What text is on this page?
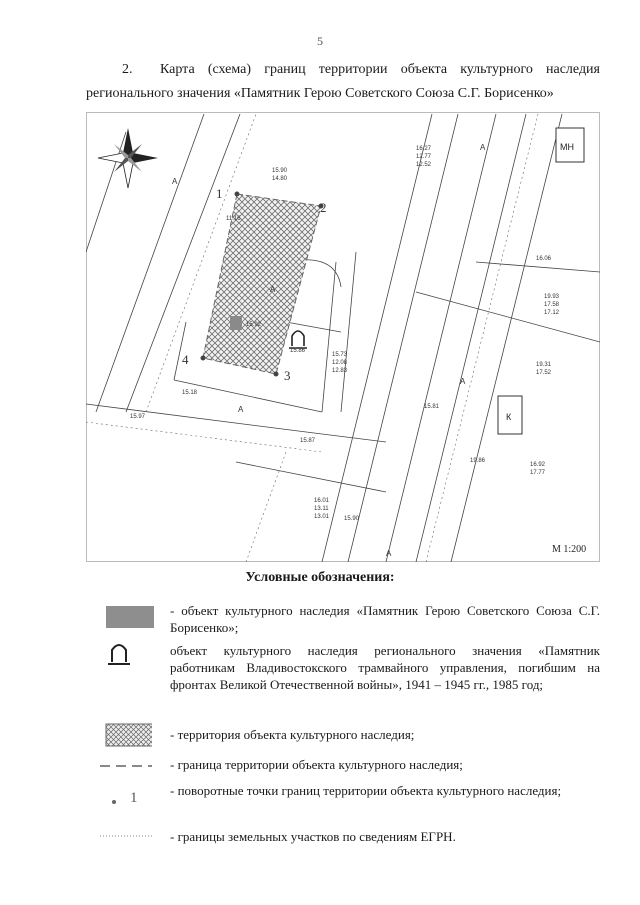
5
2. Карта (схема) границ территории объекта культурного наследия регионального значения «Памятник Герою Советского Союза С.Г. Борисенко»
МН
К
1
2
3
4
А
А
А
А
А
А
15.90
14.80
11.16
15.92
15.86
15.73
12.08
12.83
15.18
15.87
15.97
16.27
12.77
12.52
16.06
19.93
17.58
17.12
19.31
17.52
15.81
19.86
16.92
17.77
16.01
13.11
13.01 15.90
М 1:200
Условные обозначения:
- объект культурного наследия «Памятник Герою Советского Союза С.Г. Борисенко»;
объект культурного наследия регионального значения «Памятник работникам Владивостокского трамвайного управления, погибшим на фронтах Великой Отечественной войны», 1941 – 1945 гг., 1985 год;
- территория объекта культурного наследия;
- граница территории объекта культурного наследия;
1	- поворотные точки границ территории объекта культурного наследия;
- границы земельных участков по сведениям ЕГРН.
